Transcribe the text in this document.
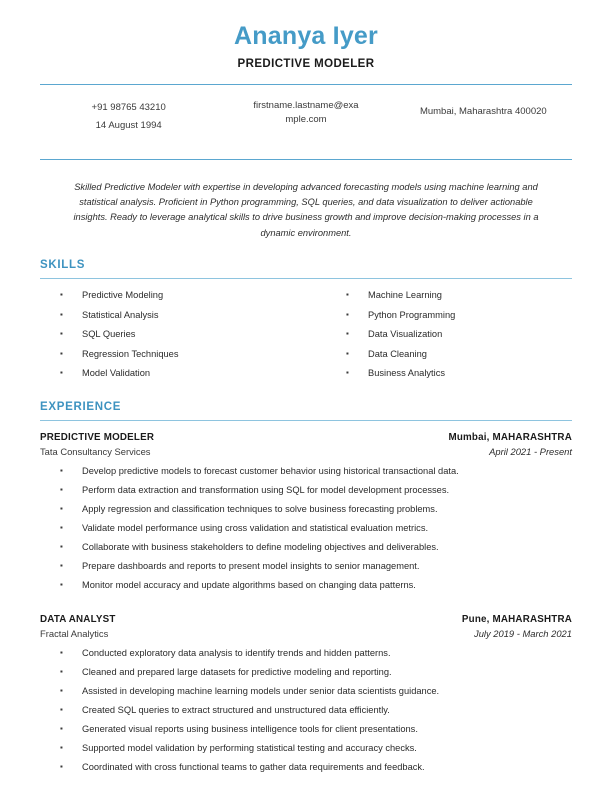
Ananya Iyer
PREDICTIVE MODELER
+91 98765 43210
14 August 1994
firstname.lastname@example.com
Mumbai, Maharashtra 400020
Skilled Predictive Modeler with expertise in developing advanced forecasting models using machine learning and statistical analysis. Proficient in Python programming, SQL queries, and data visualization to deliver actionable insights. Ready to leverage analytical skills to drive business growth and improve decision-making processes in a dynamic environment.
SKILLS
▪	Predictive Modeling
▪	Statistical Analysis
▪	SQL Queries
▪	Regression Techniques
▪	Model Validation
▪	Machine Learning
▪	Python Programming
▪	Data Visualization
▪	Data Cleaning
▪	Business Analytics
EXPERIENCE
PREDICTIVE MODELER	Mumbai, MAHARASHTRA
Tata Consultancy Services	April 2021 - Present
▪	Develop predictive models to forecast customer behavior using historical transactional data.
▪	Perform data extraction and transformation using SQL for model development processes.
▪	Apply regression and classification techniques to solve business forecasting problems.
▪	Validate model performance using cross validation and statistical evaluation metrics.
▪	Collaborate with business stakeholders to define modeling objectives and deliverables.
▪	Prepare dashboards and reports to present model insights to senior management.
▪	Monitor model accuracy and update algorithms based on changing data patterns.
DATA ANALYST	Pune, MAHARASHTRA
Fractal Analytics	July 2019 - March 2021
▪	Conducted exploratory data analysis to identify trends and hidden patterns.
▪	Cleaned and prepared large datasets for predictive modeling and reporting.
▪	Assisted in developing machine learning models under senior data scientists guidance.
▪	Created SQL queries to extract structured and unstructured data efficiently.
▪	Generated visual reports using business intelligence tools for client presentations.
▪	Supported model validation by performing statistical testing and accuracy checks.
▪	Coordinated with cross functional teams to gather data requirements and feedback.
